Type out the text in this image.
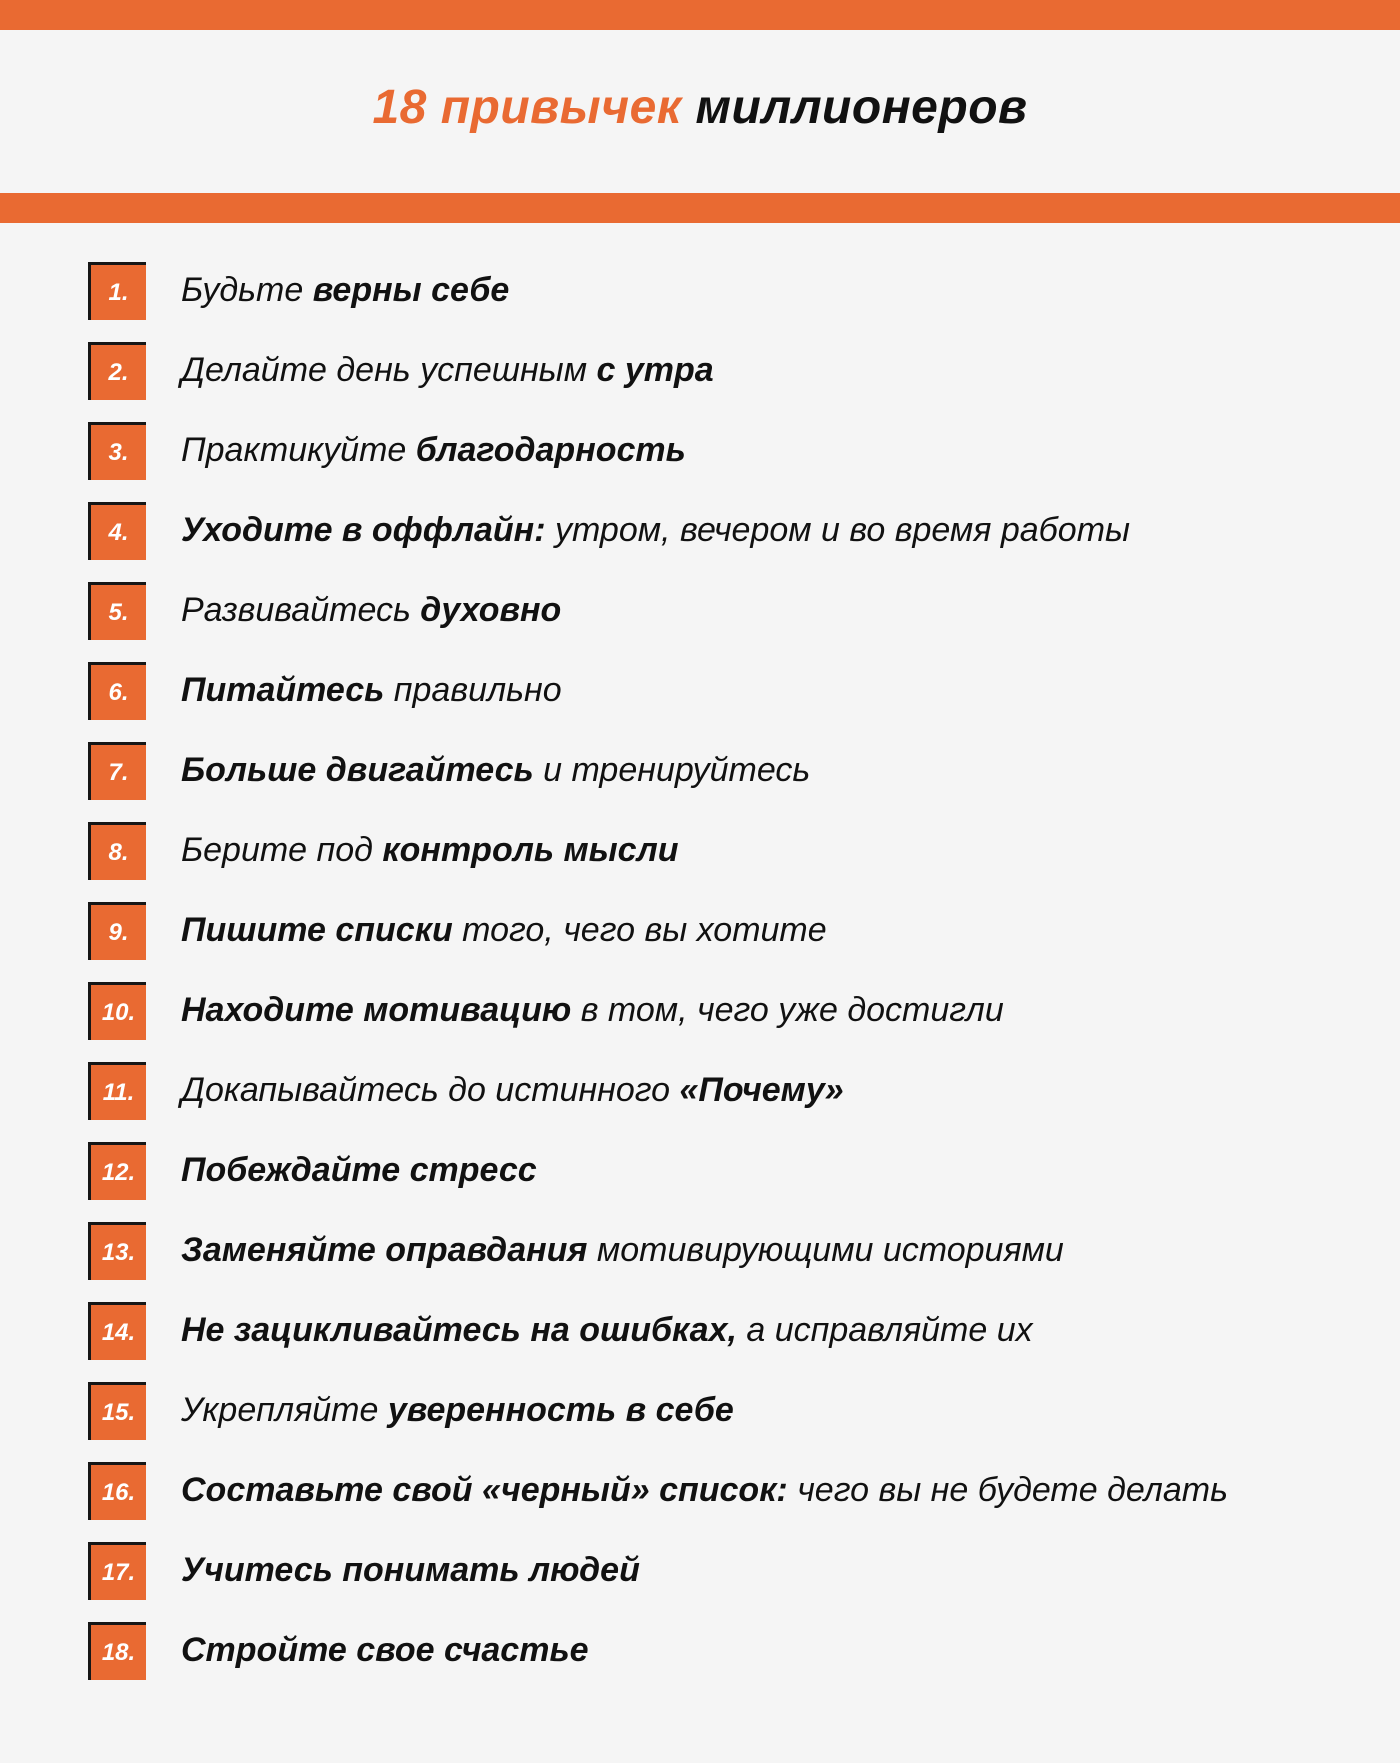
18 привычек миллионеров
1.	Будьте верны себе
2.	Делайте день успешным с утра
3.	Практикуйте благодарность
4.	Уходите в оффлайн: утром, вечером и во время работы
5.	Развивайтесь духовно
6.	Питайтесь правильно
7.	Больше двигайтесь и тренируйтесь
8.	Берите под контроль мысли
9.	Пишите списки того, чего вы хотите
10.	Находите мотивацию в том, чего уже достигли
11.	Докапывайтесь до истинного «Почему»
12.	Побеждайте стресс
13.	Заменяйте оправдания мотивирующими историями
14.	Не зацикливайтесь на ошибках, а исправляйте их
15.	Укрепляйте уверенность в себе
16.	Составьте свой «черный» список: чего вы не будете делать
17.	Учитесь понимать людей
18.	Стройте свое счастье
